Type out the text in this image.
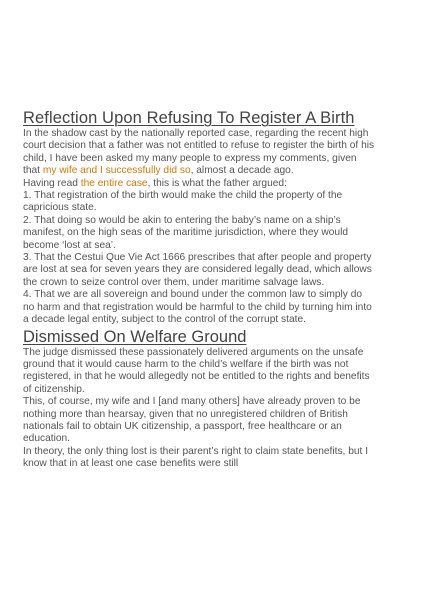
Reflection Upon Refusing To Register A Birth

In the shadow cast by the nationally reported case, regarding the recent high court decision that a father was not entitled to refuse to register the birth of his child, I have been asked my many people to express my comments, given that my wife and I successfully did so, almost a decade ago.

Having read the entire case, this is what the father argued:

1. That registration of the birth would make the child the property of the capricious state.

2. That doing so would be akin to entering the baby’s name on a ship’s manifest, on the high seas of the maritime jurisdiction, where they would become ‘lost at sea’.

3. That the Cestui Que Vie Act 1666 prescribes that after people and property are lost at sea for seven years they are considered legally dead, which allows the crown to seize control over them, under maritime salvage laws.

4. That we are all sovereign and bound under the common law to simply do no harm and that registration would be harmful to the child by turning him into a decade legal entity, subject to the control of the corrupt state.

Dismissed On Welfare Ground

The judge dismissed these passionately delivered arguments on the unsafe ground that it would cause harm to the child’s welfare if the birth was not registered, in that he would allegedly not be entitled to the rights and benefits of citizenship.

This, of course, my wife and I [and many others] have already proven to be nothing more than hearsay, given that no unregistered children of British nationals fail to obtain UK citizenship, a passport, free healthcare or an education.

In theory, the only thing lost is their parent’s right to claim state benefits, but I know that in at least one case benefits were still
